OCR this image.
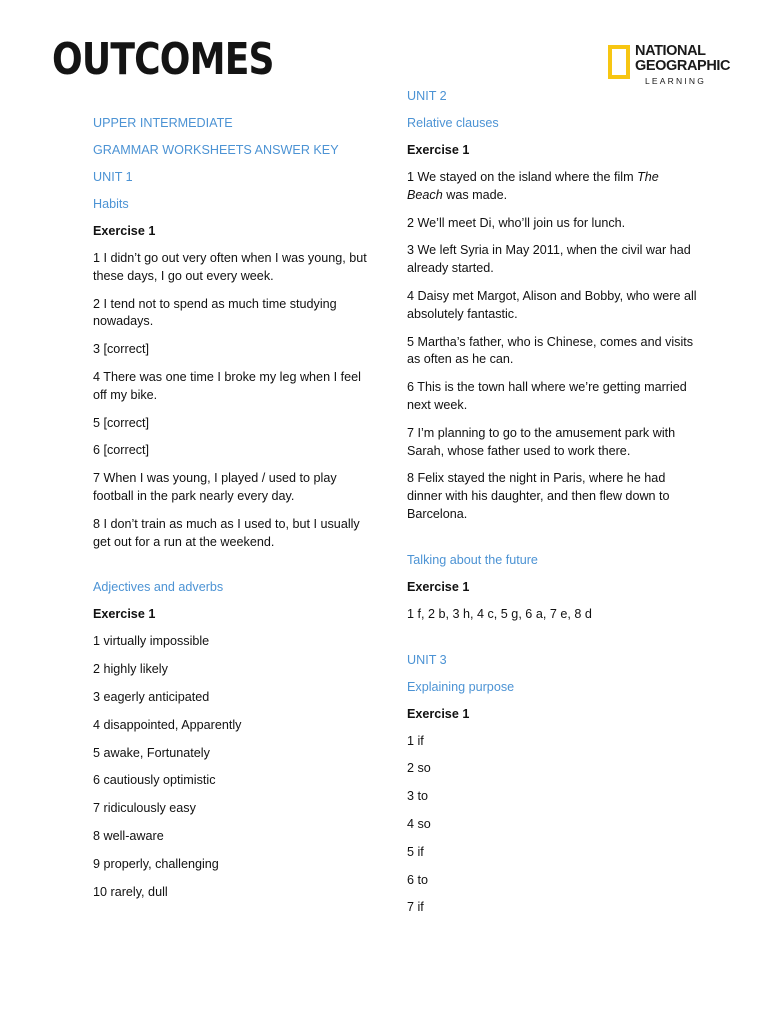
OUTCOMES	NATIONAL
GEOGRAPHIC
LEARNING

UPPER INTERMEDIATE

GRAMMAR WORKSHEETS ANSWER KEY

UNIT 1

Habits

Exercise 1

1 I didn’t go out very often when I was young, but these days, I go out every week.

2 I tend not to spend as much time studying nowadays.

3 [correct]

4 There was one time I broke my leg when I feel off my bike.

5 [correct]

6 [correct]

7 When I was young, I played / used to play football in the park nearly every day.

8 I don’t train as much as I used to, but I usually get out for a run at the weekend.

Adjectives and adverbs

Exercise 1

1 virtually impossible

2 highly likely

3 eagerly anticipated

4 disappointed, Apparently

5 awake, Fortunately

6 cautiously optimistic

7 ridiculously easy

8 well-aware

9 properly, challenging

10 rarely, dull

UNIT 2

Relative clauses

Exercise 1

1 We stayed on the island where the film The Beach was made.

2 We’ll meet Di, who’ll join us for lunch.

3 We left Syria in May 2011, when the civil war had already started.

4 Daisy met Margot, Alison and Bobby, who were all absolutely fantastic.

5 Martha’s father, who is Chinese, comes and visits as often as he can.

6 This is the town hall where we’re getting married next week.

7 I’m planning to go to the amusement park with Sarah, whose father used to work there.

8 Felix stayed the night in Paris, where he had dinner with his daughter, and then flew down to Barcelona.

Talking about the future

Exercise 1

1 f, 2 b, 3 h, 4 c, 5 g, 6 a, 7 e, 8 d

UNIT 3

Explaining purpose

Exercise 1

1 if

2 so

3 to

4 so

5 if

6 to

7 if
